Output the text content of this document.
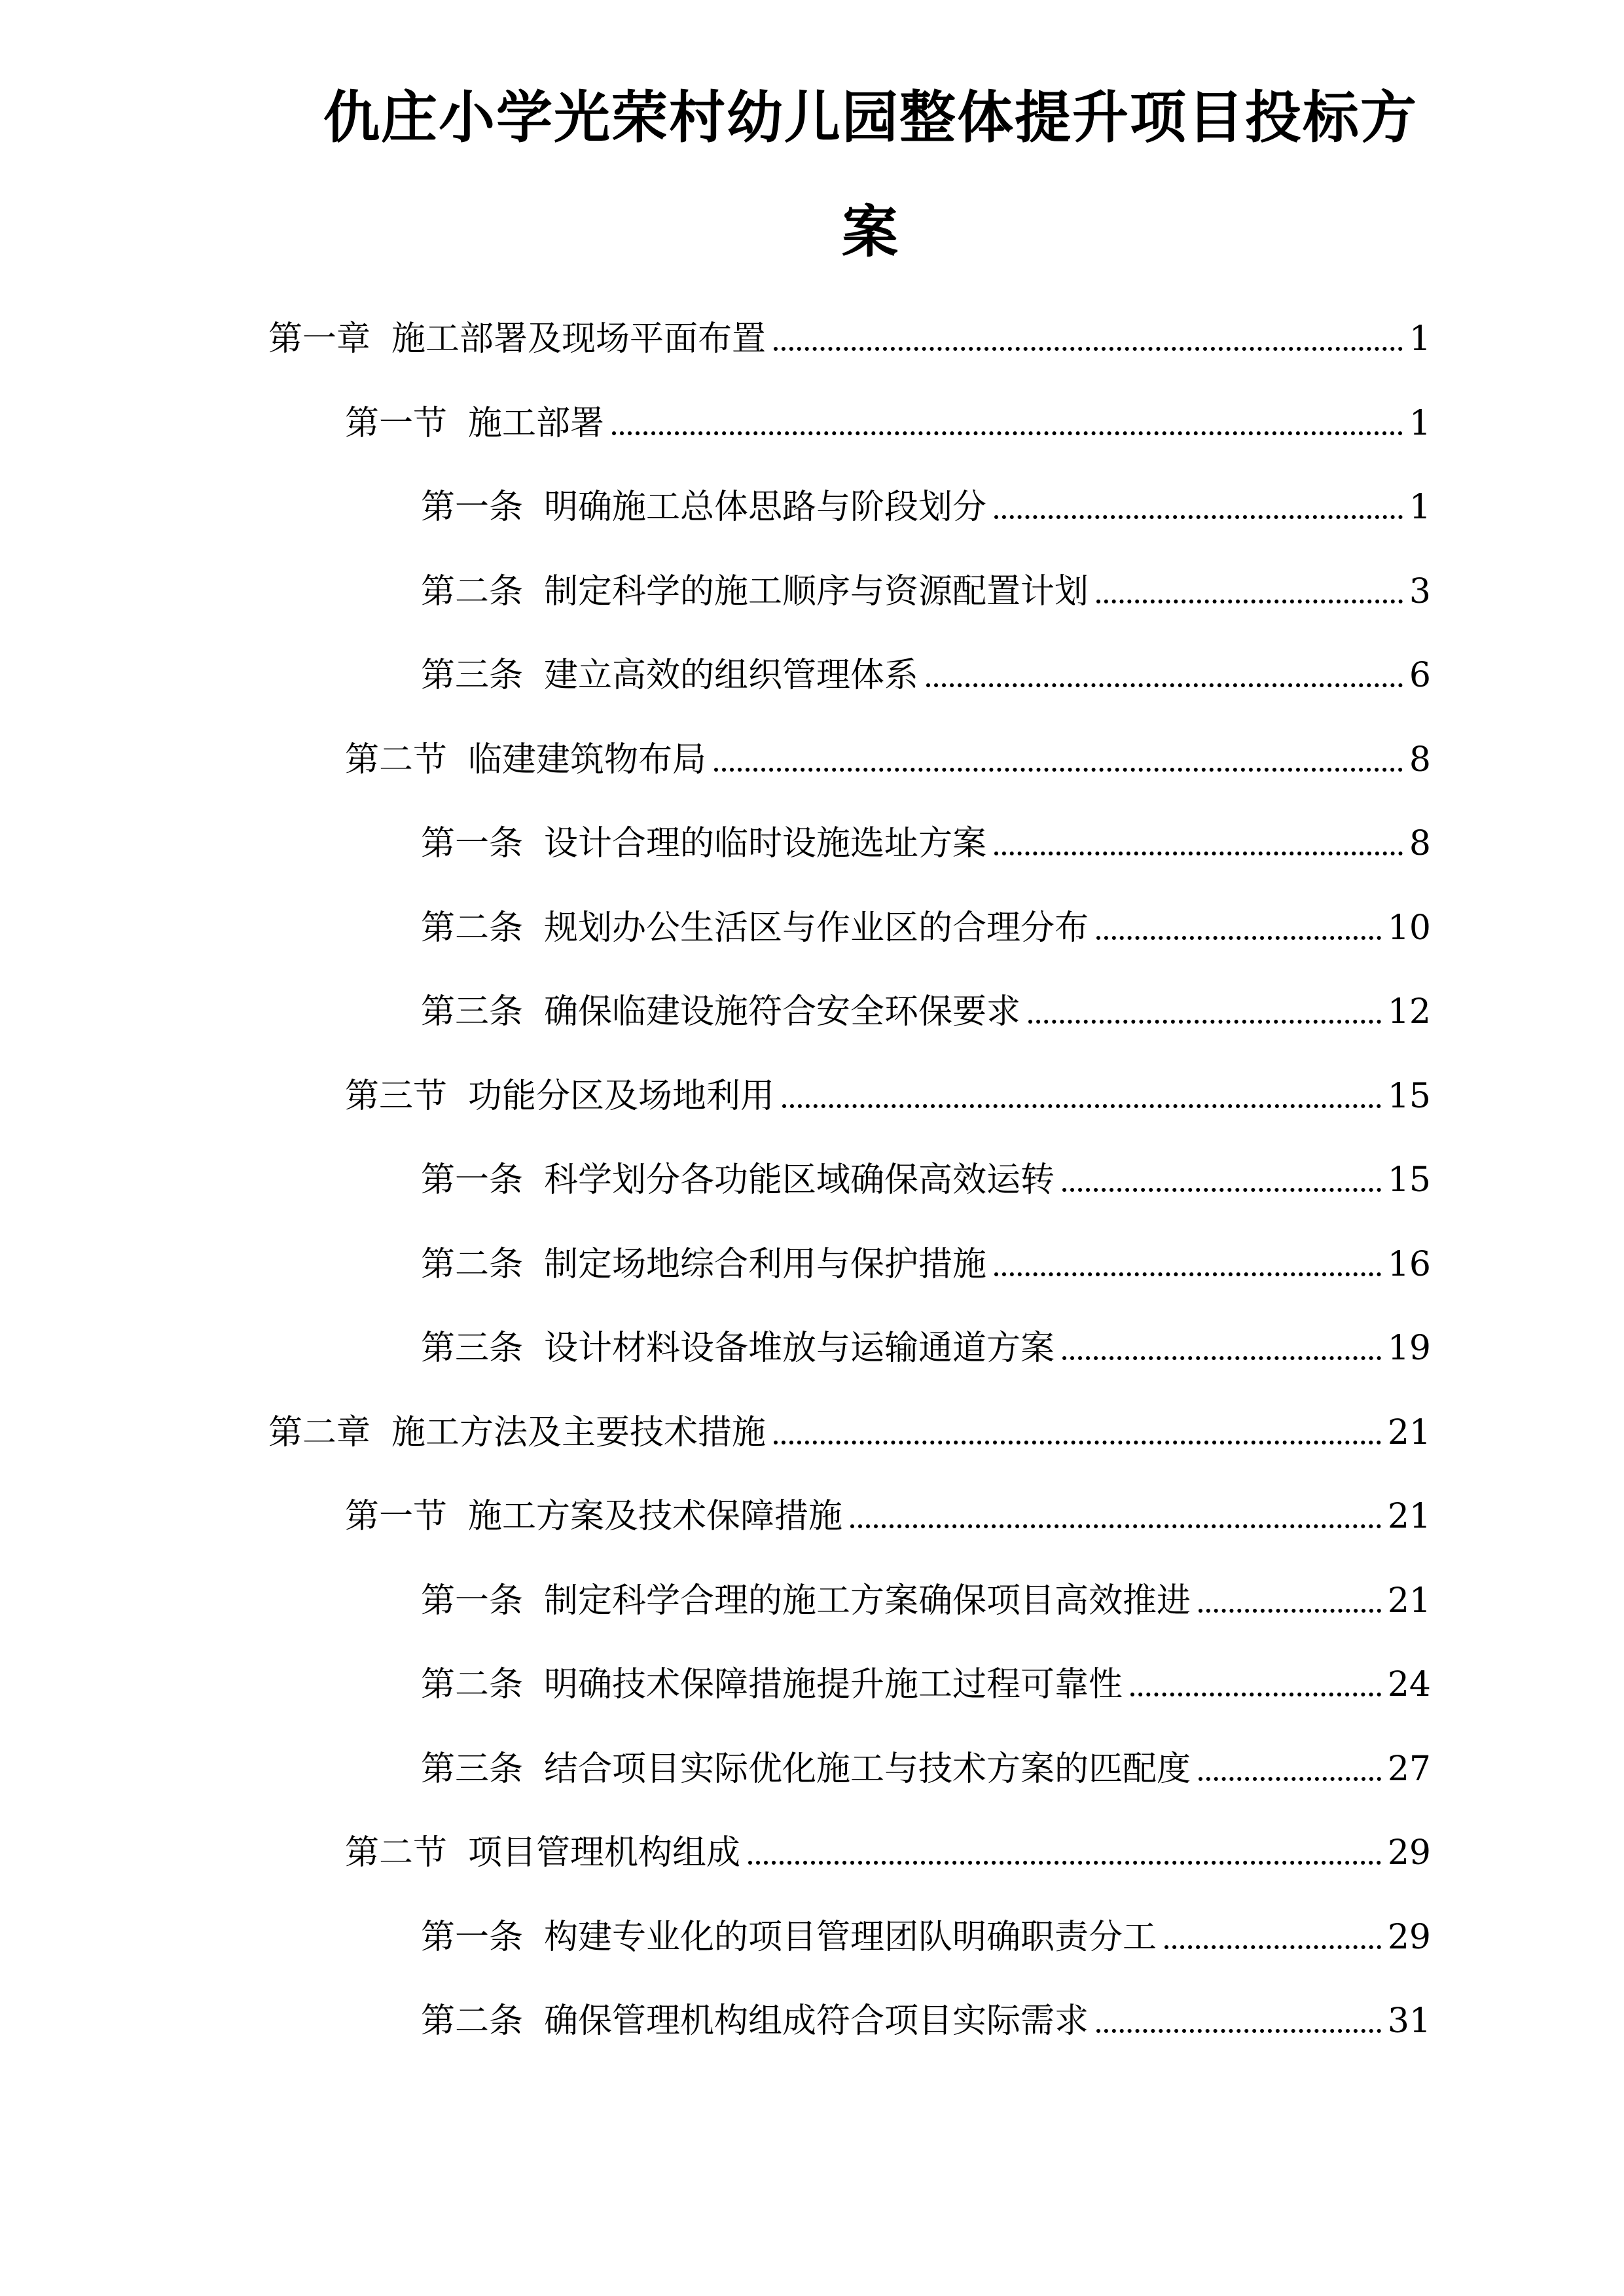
仇庄小学光荣村幼儿园整体提升项目投标方
案
第一章 施工部署及现场平面布置	1
第一节 施工部署	1
第一条 明确施工总体思路与阶段划分	1
第二条 制定科学的施工顺序与资源配置计划	3
第三条 建立高效的组织管理体系	6
第二节 临建建筑物布局	8
第一条 设计合理的临时设施选址方案	8
第二条 规划办公生活区与作业区的合理分布	10
第三条 确保临建设施符合安全环保要求	12
第三节 功能分区及场地利用	15
第一条 科学划分各功能区域确保高效运转	15
第二条 制定场地综合利用与保护措施	16
第三条 设计材料设备堆放与运输通道方案	19
第二章 施工方法及主要技术措施	21
第一节 施工方案及技术保障措施	21
第一条 制定科学合理的施工方案确保项目高效推进	21
第二条 明确技术保障措施提升施工过程可靠性	24
第三条 结合项目实际优化施工与技术方案的匹配度	27
第二节 项目管理机构组成	29
第一条 构建专业化的项目管理团队明确职责分工	29
第二条 确保管理机构组成符合项目实际需求	31
